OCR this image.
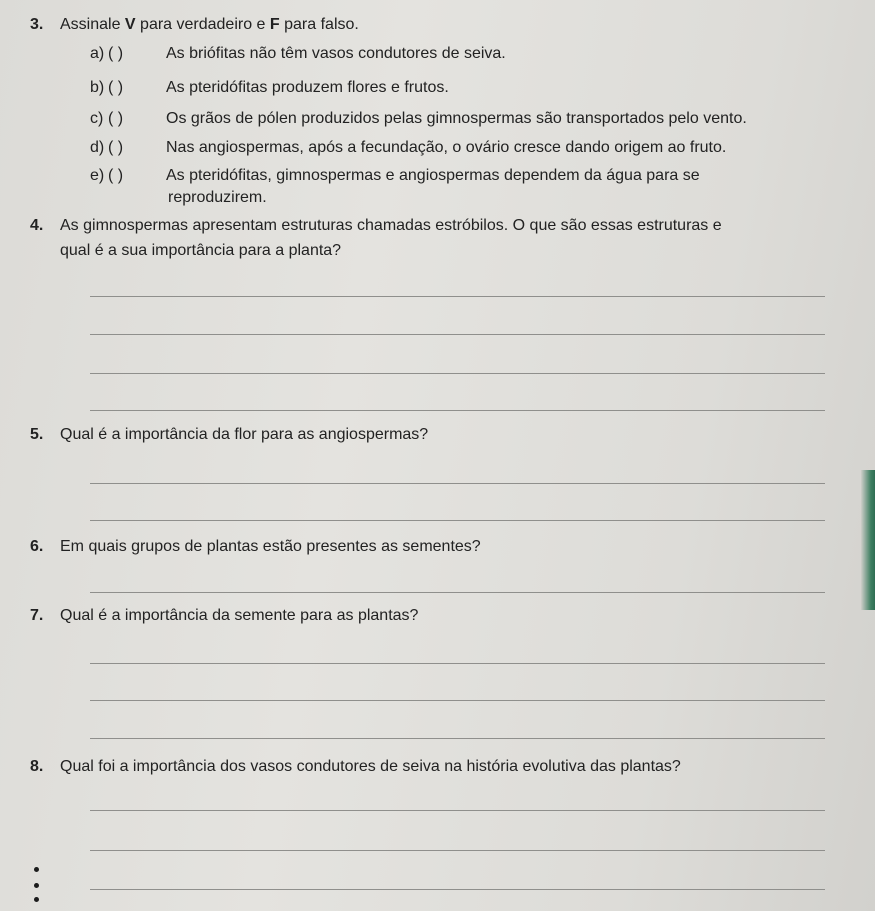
3. Assinale V para verdadeiro e F para falso.
a) ( )	As briófitas não têm vasos condutores de seiva.
b) ( )	As pteridófitas produzem flores e frutos.
c) ( )	Os grãos de pólen produzidos pelas gimnospermas são transportados pelo vento.
d) ( )	Nas angiospermas, após a fecundação, o ovário cresce dando origem ao fruto.
e) ( )	As pteridófitas, gimnospermas e angiospermas dependem da água para se
reproduzirem.
4. As gimnospermas apresentam estruturas chamadas estróbilos. O que são essas estruturas e
qual é a sua importância para a planta?
5. Qual é a importância da flor para as angiospermas?
6. Em quais grupos de plantas estão presentes as sementes?
7. Qual é a importância da semente para as plantas?
8. Qual foi a importância dos vasos condutores de seiva na história evolutiva das plantas?
